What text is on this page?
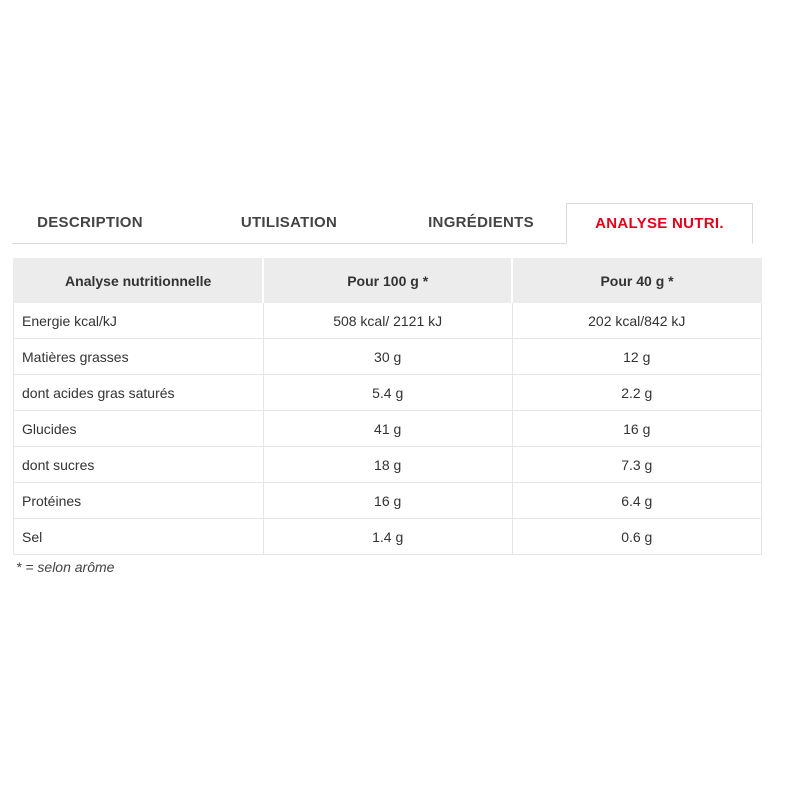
DESCRIPTION	UTILISATION	INGRÉDIENTS	ANALYSE NUTRI.
Analyse nutritionnelle	Pour 100 g *	Pour 40 g *
Energie kcal/kJ	508 kcal/ 2121 kJ	202 kcal/842 kJ
Matières grasses	30 g	12 g
dont acides gras saturés	5.4 g	2.2 g
Glucides	41 g	16 g
dont sucres	18 g	7.3 g
Protéines	16 g	6.4 g
Sel	1.4 g	0.6 g
* = selon arôme
